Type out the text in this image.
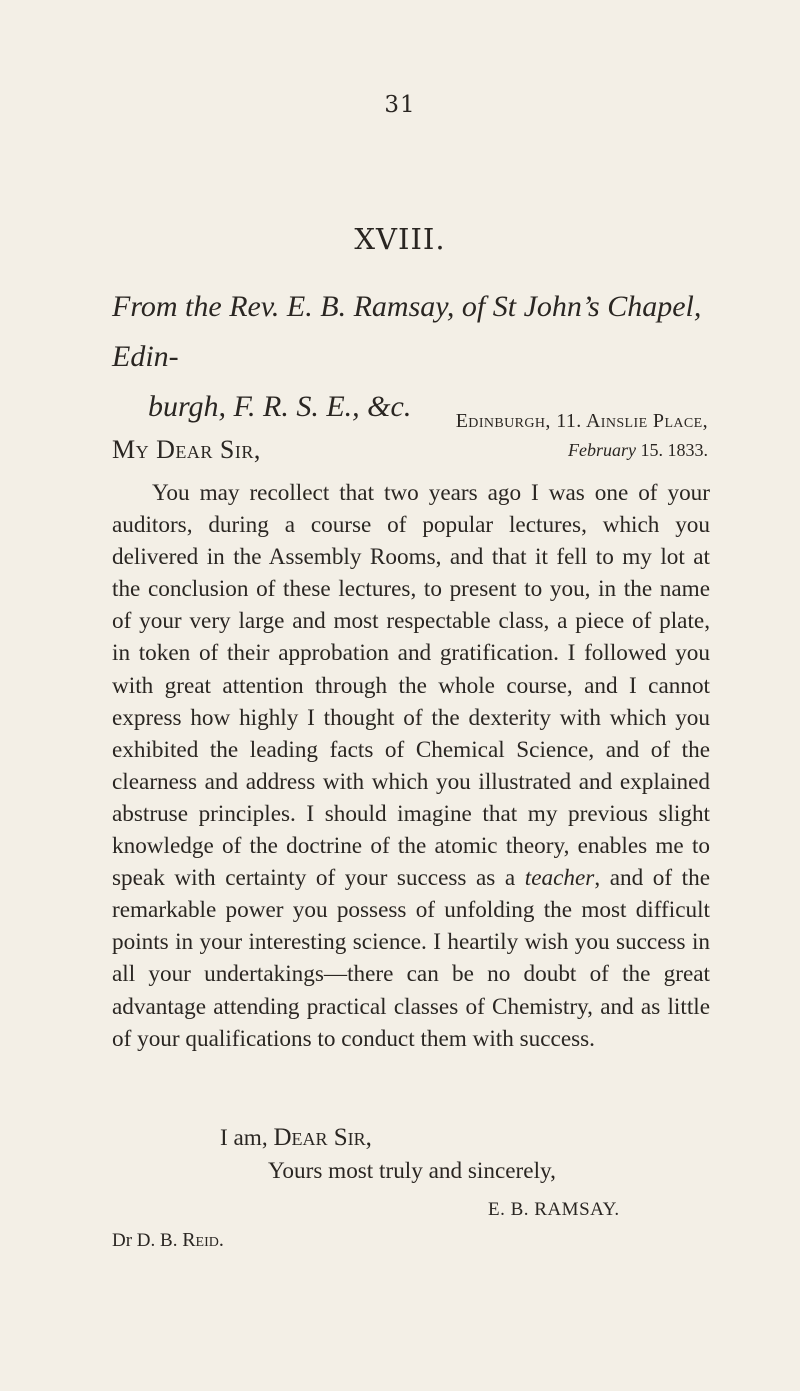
31
XVIII.
From the Rev. E. B. Ramsay, of St John’s Chapel, Edin-
burgh, F. R. S. E., &c.	Edinburgh, 11. Ainslie Place,
February 15. 1833.
My Dear Sir,

You may recollect that two years ago I was one of your auditors, during a course of popular lectures, which you delivered in the Assembly Rooms, and that it fell to my lot at the conclusion of these lectures, to present to you, in the name of your very large and most respectable class, a piece of plate, in token of their approbation and gratification. I followed you with great attention through the whole course, and I cannot express how highly I thought of the dexterity with which you exhibited the leading facts of Chemical Science, and of the clearness and address with which you illustrated and explained abstruse principles. I should imagine that my previous slight knowledge of the doctrine of the atomic theory, enables me to speak with certainty of your success as a teacher, and of the remarkable power you possess of unfolding the most difficult points in your interesting science. I heartily wish you success in all your undertakings—there can be no doubt of the great advantage attending practical classes of Chemistry, and as little of your qualifications to conduct them with success.

I am, Dear Sir,
Yours most truly and sincerely,
E. B. RAMSAY.
Dr D. B. Reid.
